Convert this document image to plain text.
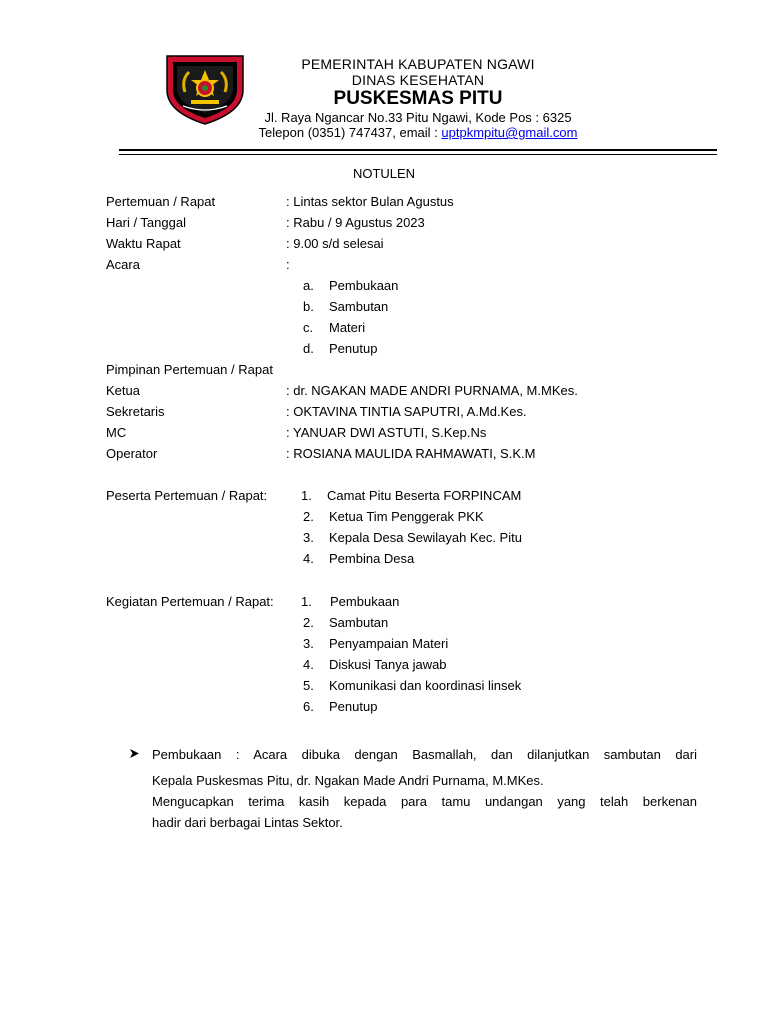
PEMERINTAH KABUPATEN NGAWI
DINAS KESEHATAN
PUSKESMAS PITU
Jl. Raya Ngancar No.33 Pitu Ngawi, Kode Pos : 6325
Telepon (0351) 747437, email : uptpkmpitu@gmail.com
NOTULEN
Pertemuan / Rapat	: Lintas sektor Bulan Agustus
Hari / Tanggal	: Rabu / 9 Agustus 2023
Waktu Rapat	: 9.00 s/d selesai
Acara	:
a. Pembukaan
b. Sambutan
c. Materi
d. Penutup
Pimpinan Pertemuan / Rapat
Ketua	: dr. NGAKAN MADE ANDRI PURNAMA, M.MKes.
Sekretaris	: OKTAVINA TINTIA SAPUTRI, A.Md.Kes.
MC	: YANUAR DWI ASTUTI, S.Kep.Ns
Operator	: ROSIANA MAULIDA RAHMAWATI, S.K.M
Peserta Pertemuan / Rapat:	1. Camat Pitu Beserta FORPINCAM
2. Ketua Tim Penggerak PKK
3. Kepala Desa Sewilayah Kec. Pitu
4. Pembina Desa
Kegiatan Pertemuan / Rapat: 1. Pembukaan
2. Sambutan
3. Penyampaian Materi
4. Diskusi Tanya jawab
5. Komunikasi dan koordinasi linsek
6. Penutup
Pembukaan : Acara dibuka dengan Basmallah, dan dilanjutkan sambutan dari
Kepala Puskesmas Pitu, dr. Ngakan Made Andri Purnama, M.MKes.
Mengucapkan terima kasih kepada para tamu undangan yang telah berkenan
hadir dari berbagai Lintas Sektor.
